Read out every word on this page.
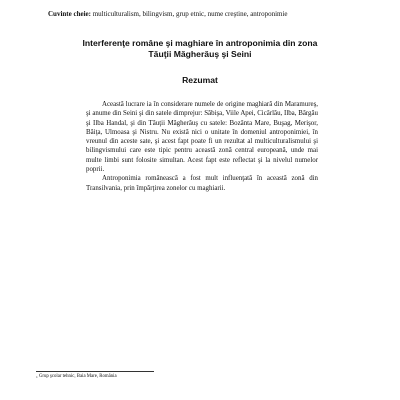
Cuvinte cheie: multiculturalism, bilingvism, grup etnic, nume creştine, antroponimie
Interferenţe române şi maghiare în antroponimia din zona
Tăuţii Măgherăuş şi Seini
Rezumat

Această lucrare ia în considerare numele de origine maghiară din Maramureş, şi anume din Seini şi din satele dimprejur: Săbişa, Viile Apei, Cicârlău, Ilba, Bârgău şi Ilba Handal, şi din Tăuţii Măgherăuş cu satele: Bozânta Mare, Buşag, Merişor, Băiţa, Ulmoasa şi Nistru. Nu există nici o unitate în domeniul antroponimiei, în vreunul din aceste sate, şi acest fapt poate fi un rezultat al multiculturalismului şi bilingvismului care este tipic pentru această zonă central europeană, unde mai multe limbi sunt folosite simultan. Acest fapt este reflectat şi la nivelul numelor poprii.

Antroponimia românească a fost mult influenţată în această zonă din Transilvania, prin împărţirea zonelor cu maghiarii.

$^1$ Grup şcolar tehnic, Baia Mare, România
